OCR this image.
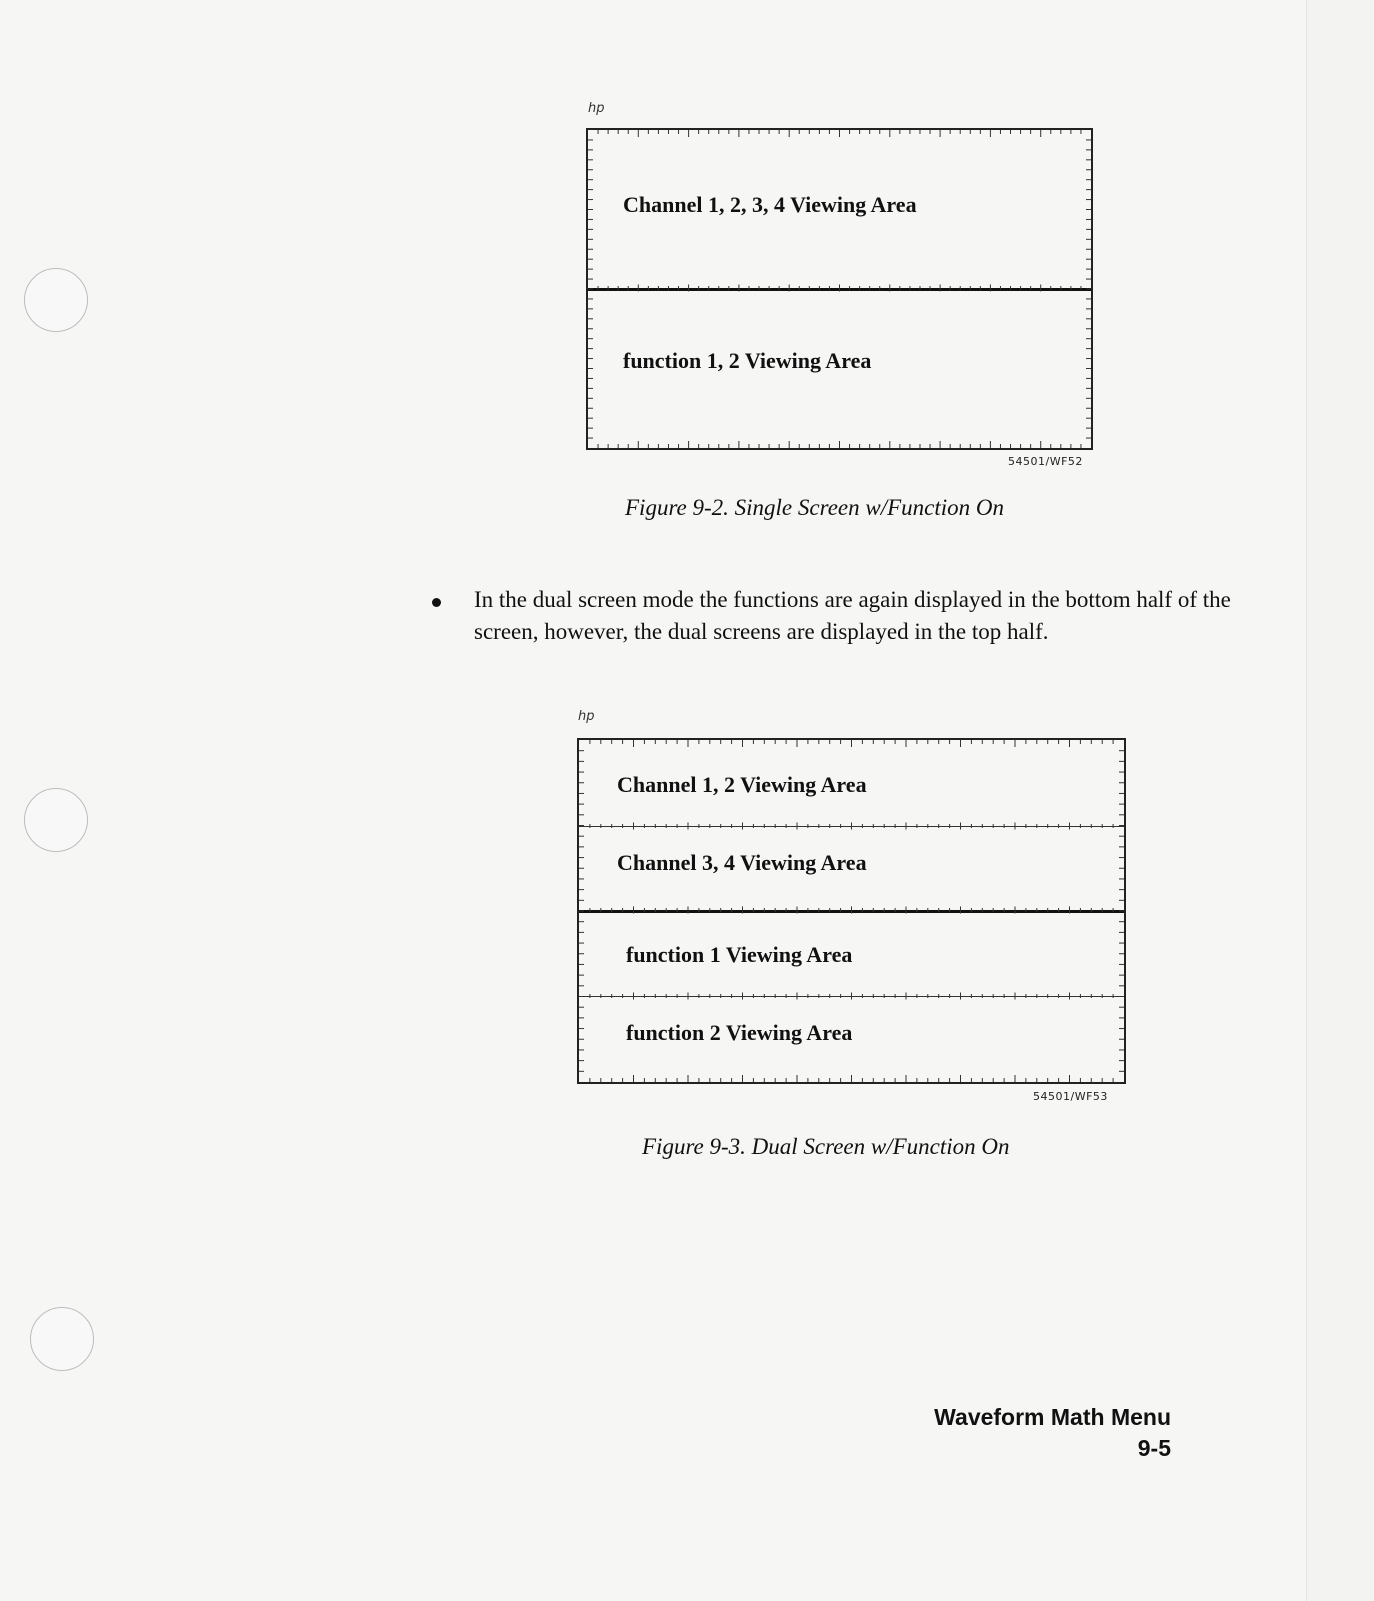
hp
Channel 1, 2, 3, 4 Viewing Area
function 1, 2 Viewing Area
54501/WF52
Figure 9-2. Single Screen w/Function On
In the dual screen mode the functions are again displayed in the bottom half of the screen, however, the dual screens are displayed in the top half.
hp
Channel 1, 2 Viewing Area
Channel 3, 4 Viewing Area
function 1 Viewing Area
function 2 Viewing Area
54501/WF53
Figure 9-3. Dual Screen w/Function On
Waveform Math Menu
9-5
